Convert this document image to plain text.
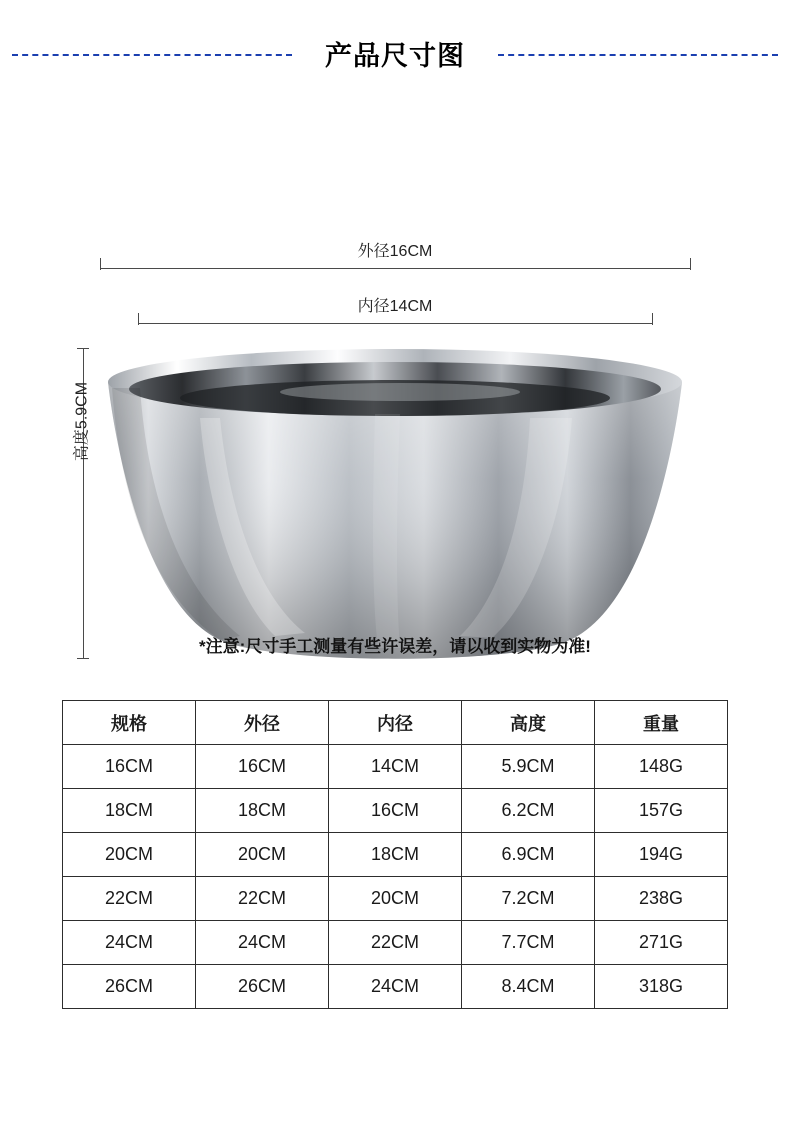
产品尺寸图
外径16CM
内径14CM
高度5.9CM
*注意:尺寸手工测量有些许误差，请以收到实物为准!
规格	外径	内径	高度	重量
16CM	16CM	14CM	5.9CM	148G
18CM	18CM	16CM	6.2CM	157G
20CM	20CM	18CM	6.9CM	194G
22CM	22CM	20CM	7.2CM	238G
24CM	24CM	22CM	7.7CM	271G
26CM	26CM	24CM	8.4CM	318G
